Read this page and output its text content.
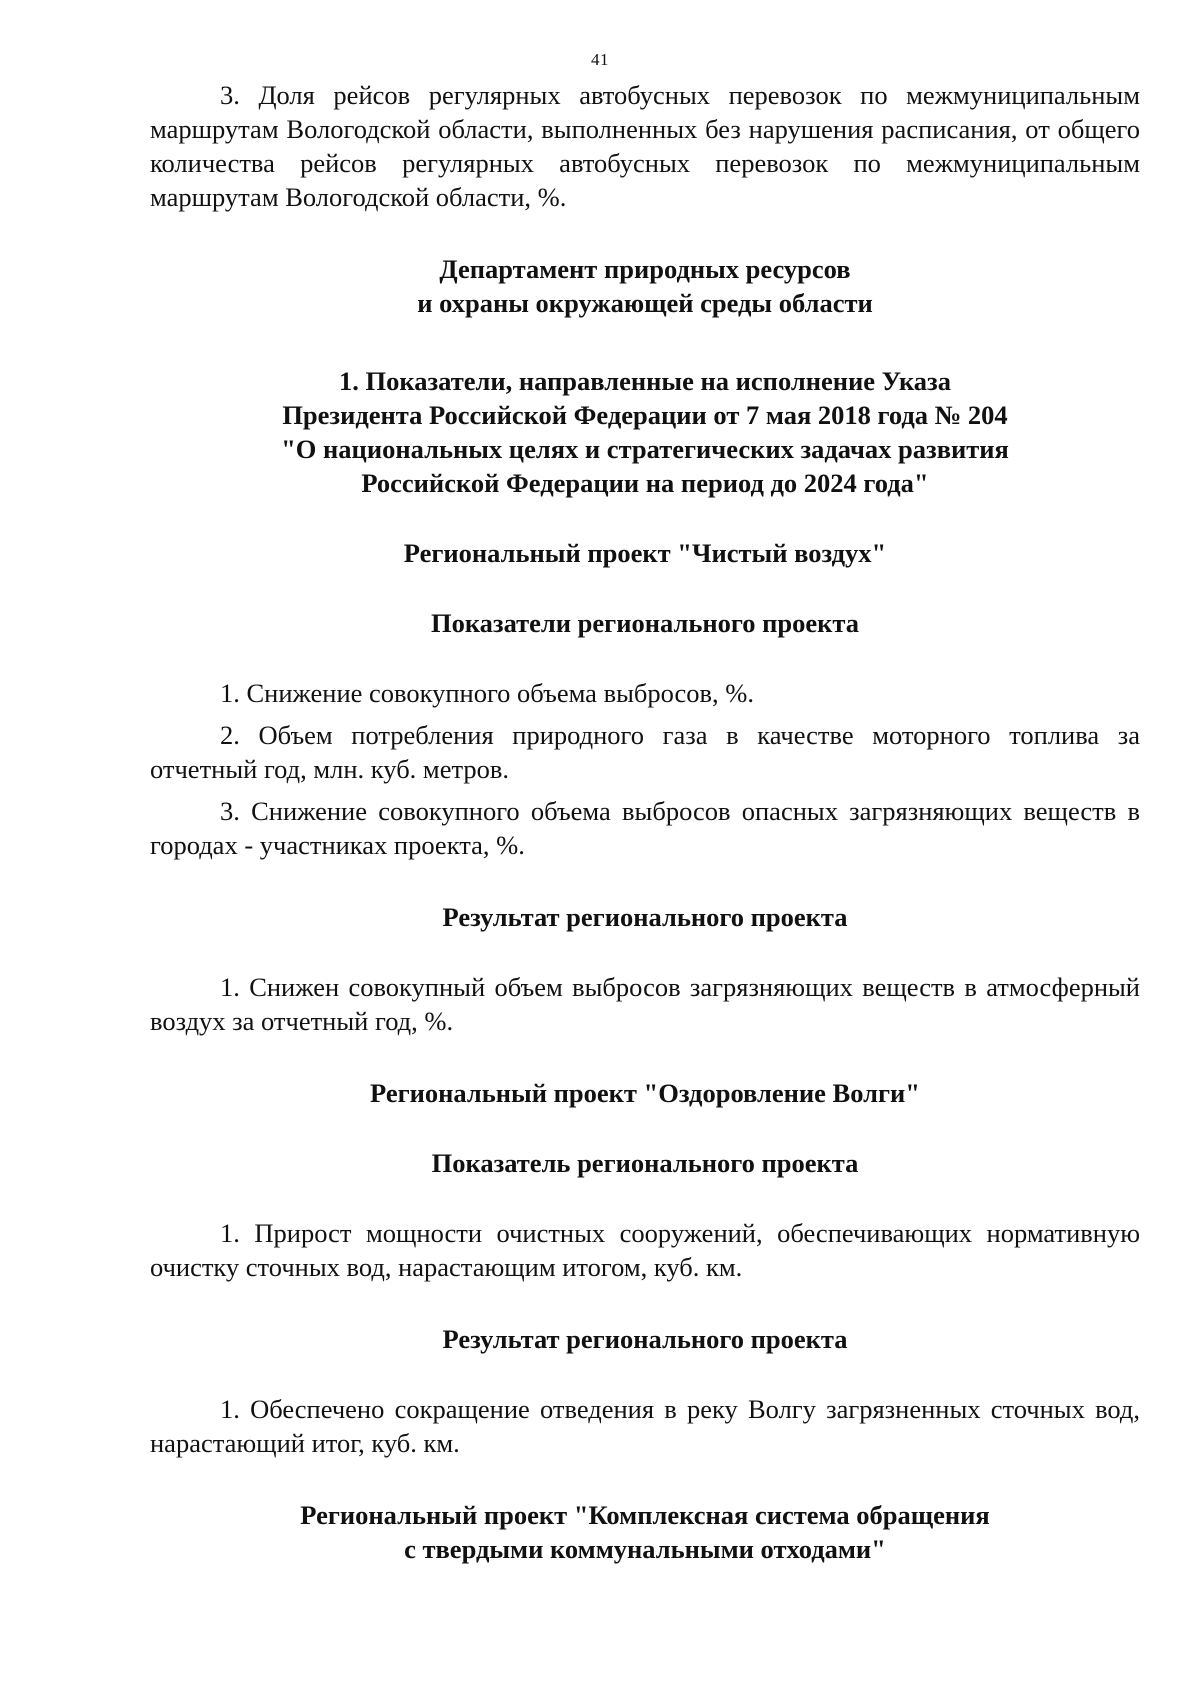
41

3. Доля рейсов регулярных автобусных перевозок по межмуниципальным маршрутам Вологодской области, выполненных без нарушения расписания, от общего количества рейсов регулярных автобусных перевозок по межмуниципальным маршрутам Вологодской области, %.

Департамент природных ресурсов
и охраны окружающей среды области
1. Показатели, направленные на исполнение Указа
Президента Российской Федерации от 7 мая 2018 года № 204
"О национальных целях и стратегических задачах развития
Российской Федерации на период до 2024 года"
Региональный проект "Чистый воздух"
Показатели регионального проекта

1. Снижение совокупного объема выбросов, %.

2. Объем потребления природного газа в качестве моторного топлива за отчетный год, млн. куб. метров.

3. Снижение совокупного объема выбросов опасных загрязняющих веществ в городах - участниках проекта, %.

Результат регионального проекта

1. Снижен совокупный объем выбросов загрязняющих веществ в атмосферный воздух за отчетный год, %.

Региональный проект "Оздоровление Волги"
Показатель регионального проекта

1. Прирост мощности очистных сооружений, обеспечивающих нормативную очистку сточных вод, нарастающим итогом, куб. км.

Результат регионального проекта

1. Обеспечено сокращение отведения в реку Волгу загрязненных сточных вод, нарастающий итог, куб. км.

Региональный проект "Комплексная система обращения
с твердыми коммунальными отходами"
